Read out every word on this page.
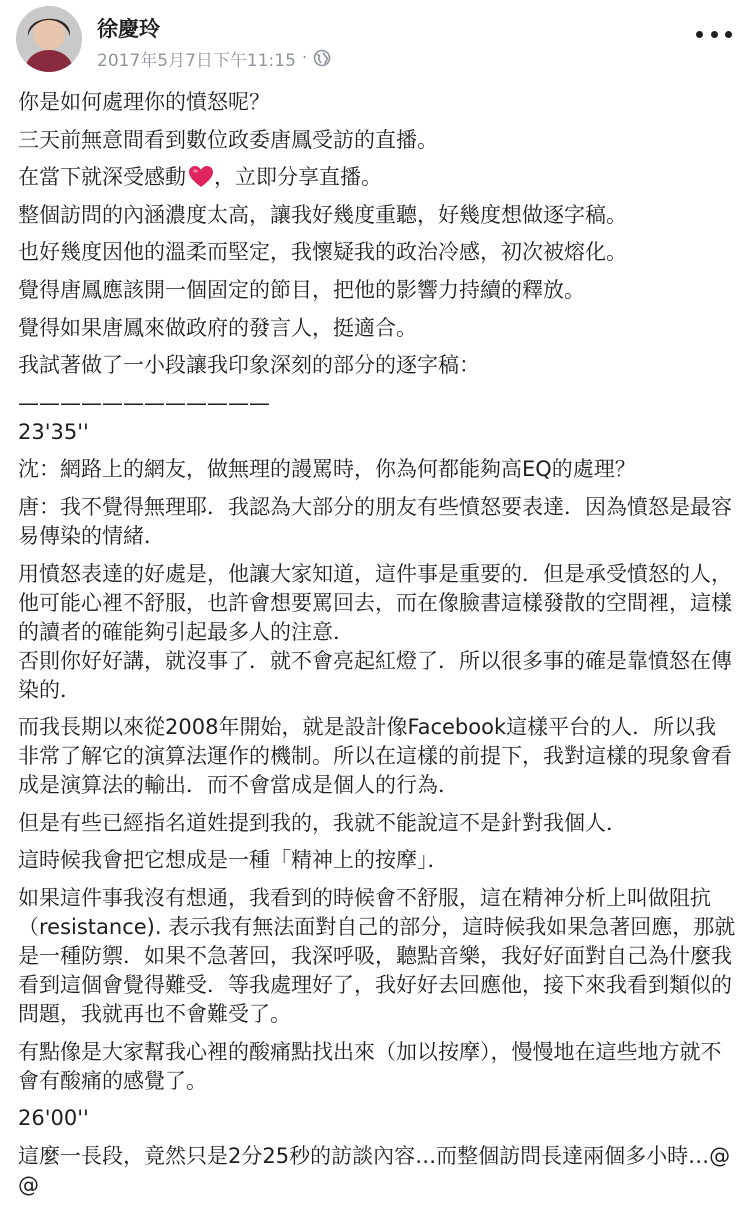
徐慶玲
2017年5月7日下午11:15 ·

你是如何處理你的憤怒呢？

三天前無意間看到數位政委唐鳳受訪的直播。

在當下就深受感動 ，立即分享直播。

整個訪問的內涵濃度太高，讓我好幾度重聽，好幾度想做逐字稿。

也好幾度因他的溫柔而堅定，我懷疑我的政治冷感，初次被熔化。

覺得唐鳳應該開一個固定的節目，把他的影響力持續的釋放。

覺得如果唐鳳來做政府的發言人，挺適合。

我試著做了一小段讓我印象深刻的部分的逐字稿：

————————————

23'35''

沈：網路上的網友，做無理的謾罵時，你為何都能夠高EQ的處理？

唐：我不覺得無理耶．我認為大部分的朋友有些憤怒要表達．因為憤怒是最容易傳染的情緒．

用憤怒表達的好處是，他讓大家知道，這件事是重要的．但是承受憤怒的人，他可能心裡不舒服，也許會想要罵回去，而在像臉書這樣發散的空間裡，這樣的讀者的確能夠引起最多人的注意．

否則你好好講，就沒事了．就不會亮起紅燈了．所以很多事的確是靠憤怒在傳染的．

而我長期以來從2008年開始，就是設計像Facebook這樣平台的人．所以我非常了解它的演算法運作的機制。所以在這樣的前提下，我對這樣的現象會看成是演算法的輸出．而不會當成是個人的行為．

但是有些已經指名道姓提到我的，我就不能說這不是針對我個人．

這時候我會把它想成是一種「精神上的按摩」．

如果這件事我沒有想通，我看到的時候會不舒服，這在精神分析上叫做阻抗（resistance). 表示我有無法面對自己的部分，這時候我如果急著回應，那就是一種防禦．如果不急著回，我深呼吸，聽點音樂，我好好面對自己為什麼我看到這個會覺得難受．等我處理好了，我好好去回應他，接下來我看到類似的問題，我就再也不會難受了。

有點像是大家幫我心裡的酸痛點找出來（加以按摩），慢慢地在這些地方就不會有酸痛的感覺了。

26'00''

這麼一長段，竟然只是2分25秒的訪談內容…而整個訪問長達兩個多小時…@@
